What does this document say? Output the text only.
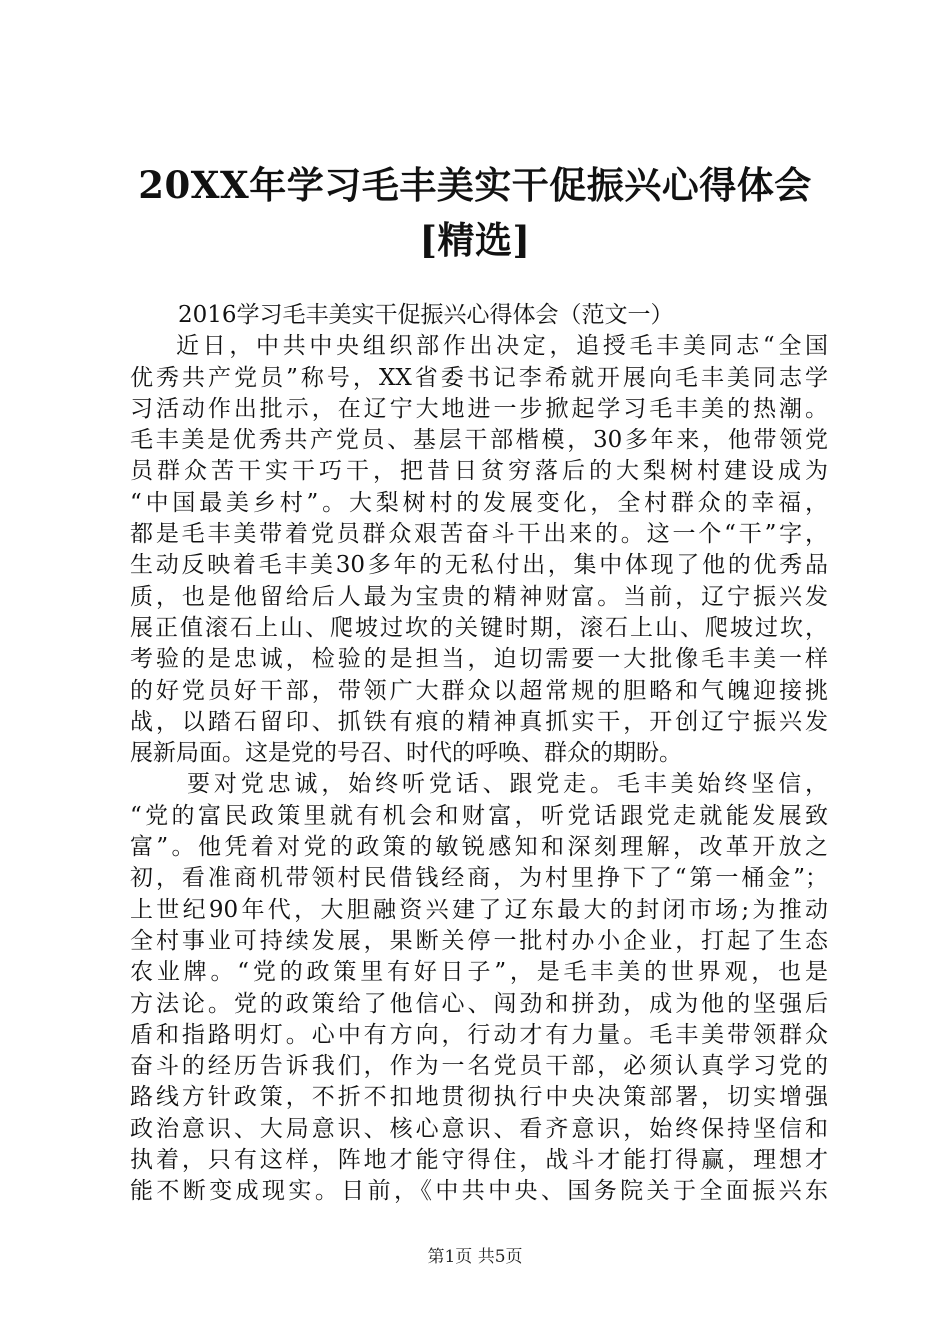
20XX年学习毛丰美实干促振兴心得体会[精选]
2016学习毛丰美实干促振兴心得体会（范文一）
近日，中共中央组织部作出决定，追授毛丰美同志“全国
优秀共产党员”称号，XX省委书记李希就开展向毛丰美同志学
习活动作出批示，在辽宁大地进一步掀起学习毛丰美的热潮。
毛丰美是优秀共产党员、基层干部楷模，30多年来，他带领党
员群众苦干实干巧干，把昔日贫穷落后的大梨树村建设成为
“中国最美乡村”。大梨树村的发展变化，全村群众的幸福，
都是毛丰美带着党员群众艰苦奋斗干出来的。这一个“干”字，
生动反映着毛丰美30多年的无私付出，集中体现了他的优秀品
质，也是他留给后人最为宝贵的精神财富。当前，辽宁振兴发
展正值滚石上山、爬坡过坎的关键时期，滚石上山、爬坡过坎，
考验的是忠诚，检验的是担当，迫切需要一大批像毛丰美一样
的好党员好干部，带领广大群众以超常规的胆略和气魄迎接挑
战，以踏石留印、抓铁有痕的精神真抓实干，开创辽宁振兴发
展新局面。这是党的号召、时代的呼唤、群众的期盼。
要对党忠诚，始终听党话、跟党走。毛丰美始终坚信，
“党的富民政策里就有机会和财富，听党话跟党走就能发展致
富”。他凭着对党的政策的敏锐感知和深刻理解，改革开放之
初，看准商机带领村民借钱经商，为村里挣下了“第一桶金”；
上世纪90年代，大胆融资兴建了辽东最大的封闭市场;为推动
全村事业可持续发展，果断关停一批村办小企业，打起了生态
农业牌。“党的政策里有好日子”，是毛丰美的世界观，也是
方法论。党的政策给了他信心、闯劲和拼劲，成为他的坚强后
盾和指路明灯。心中有方向，行动才有力量。毛丰美带领群众
奋斗的经历告诉我们，作为一名党员干部，必须认真学习党的
路线方针政策，不折不扣地贯彻执行中央决策部署，切实增强
政治意识、大局意识、核心意识、看齐意识，始终保持坚信和
执着，只有这样，阵地才能守得住，战斗才能打得赢，理想才
能不断变成现实。日前，《中共中央、国务院关于全面振兴东
第1页 共5页
